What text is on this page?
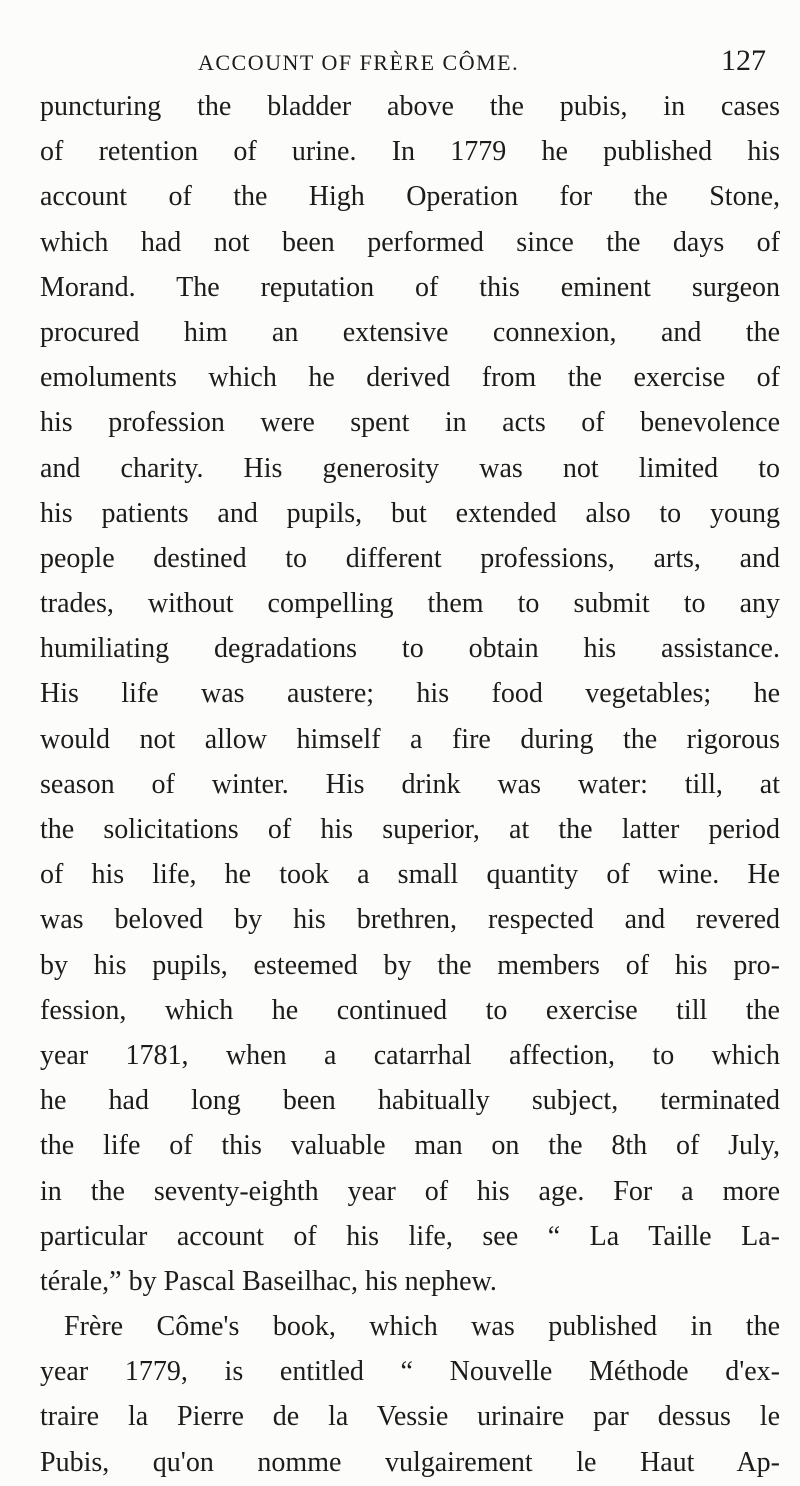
ACCOUNT OF FRÈRE CÔME.	127
puncturing the bladder above the pubis, in cases
of retention of urine. In 1779 he published his
account of the High Operation for the Stone,
which had not been performed since the days of
Morand. The reputation of this eminent surgeon
procured him an extensive connexion, and the
emoluments which he derived from the exercise of
his profession were spent in acts of benevolence
and charity. His generosity was not limited to
his patients and pupils, but extended also to young
people destined to different professions, arts, and
trades, without compelling them to submit to any
humiliating degradations to obtain his assistance.
His life was austere; his food vegetables; he
would not allow himself a fire during the rigorous
season of winter. His drink was water: till, at
the solicitations of his superior, at the latter period
of his life, he took a small quantity of wine. He
was beloved by his brethren, respected and revered
by his pupils, esteemed by the members of his pro-
fession, which he continued to exercise till the
year 1781, when a catarrhal affection, to which
he had long been habitually subject, terminated
the life of this valuable man on the 8th of July,
in the seventy-eighth year of his age. For a more
particular account of his life, see “ La Taille La-
térale,” by Pascal Baseilhac, his nephew.
Frère Côme's book, which was published in the
year 1779, is entitled “ Nouvelle Méthode d'ex-
traire la Pierre de la Vessie urinaire par dessus le
Pubis, qu'on nomme vulgairement le Haut Ap-
